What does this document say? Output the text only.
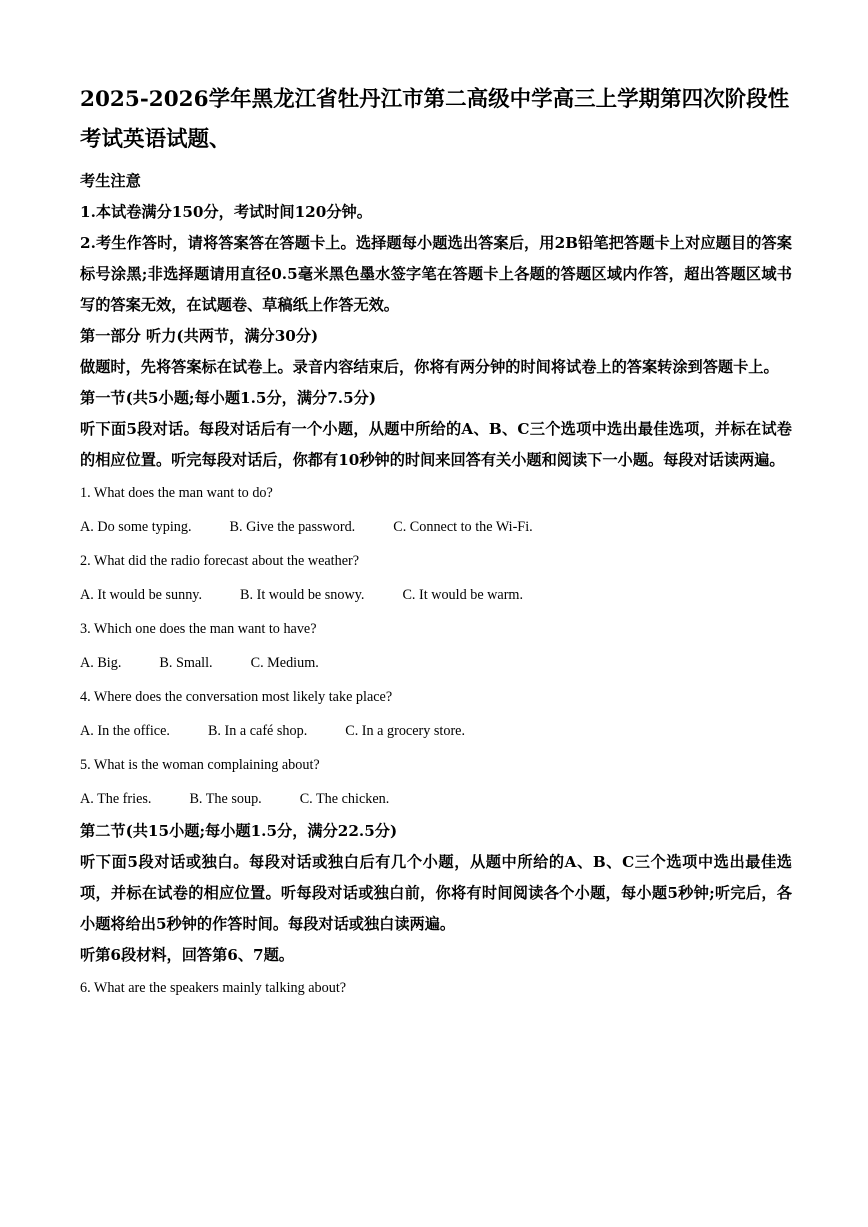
2025-2026学年黑龙江省牡丹江市第二高级中学高三上学期第四次阶段性考试英语试题、

考生注意

1.本试卷满分150分，考试时间120分钟。

2.考生作答时，请将答案答在答题卡上。选择题每小题选出答案后，用2B铅笔把答题卡上对应题目的答案标号涂黑;非选择题请用直径0.5毫米黑色墨水签字笔在答题卡上各题的答题区域内作答，超出答题区域书写的答案无效，在试题卷、草稿纸上作答无效。

第一部分 听力(共两节，满分30分)

做题时，先将答案标在试卷上。录音内容结束后，你将有两分钟的时间将试卷上的答案转涂到答题卡上。

第一节(共5小题;每小题1.5分，满分7.5分)

听下面5段对话。每段对话后有一个小题，从题中所给的A、B、C三个选项中选出最佳选项，并标在试卷的相应位置。听完每段对话后，你都有10秒钟的时间来回答有关小题和阅读下一小题。每段对话读两遍。

1. What does the man want to do?

A. Do some typing.	B. Give the password.	C. Connect to the Wi-Fi.

2. What did the radio forecast about the weather?

A. It would be sunny.	B. It would be snowy.	C. It would be warm.

3. Which one does the man want to have?

A. Big.	B. Small.	C. Medium.

4. Where does the conversation most likely take place?

A. In the office.	B. In a café shop.	C. In a grocery store.

5. What is the woman complaining about?

A. The fries.	B. The soup.	C. The chicken.

第二节(共15小题;每小题1.5分，满分22.5分)

听下面5段对话或独白。每段对话或独白后有几个小题，从题中所给的A、B、C三个选项中选出最佳选项，并标在试卷的相应位置。听每段对话或独白前，你将有时间阅读各个小题，每小题5秒钟;听完后，各小题将给出5秒钟的作答时间。每段对话或独白读两遍。

听第6段材料，回答第6、7题。

6. What are the speakers mainly talking about?
